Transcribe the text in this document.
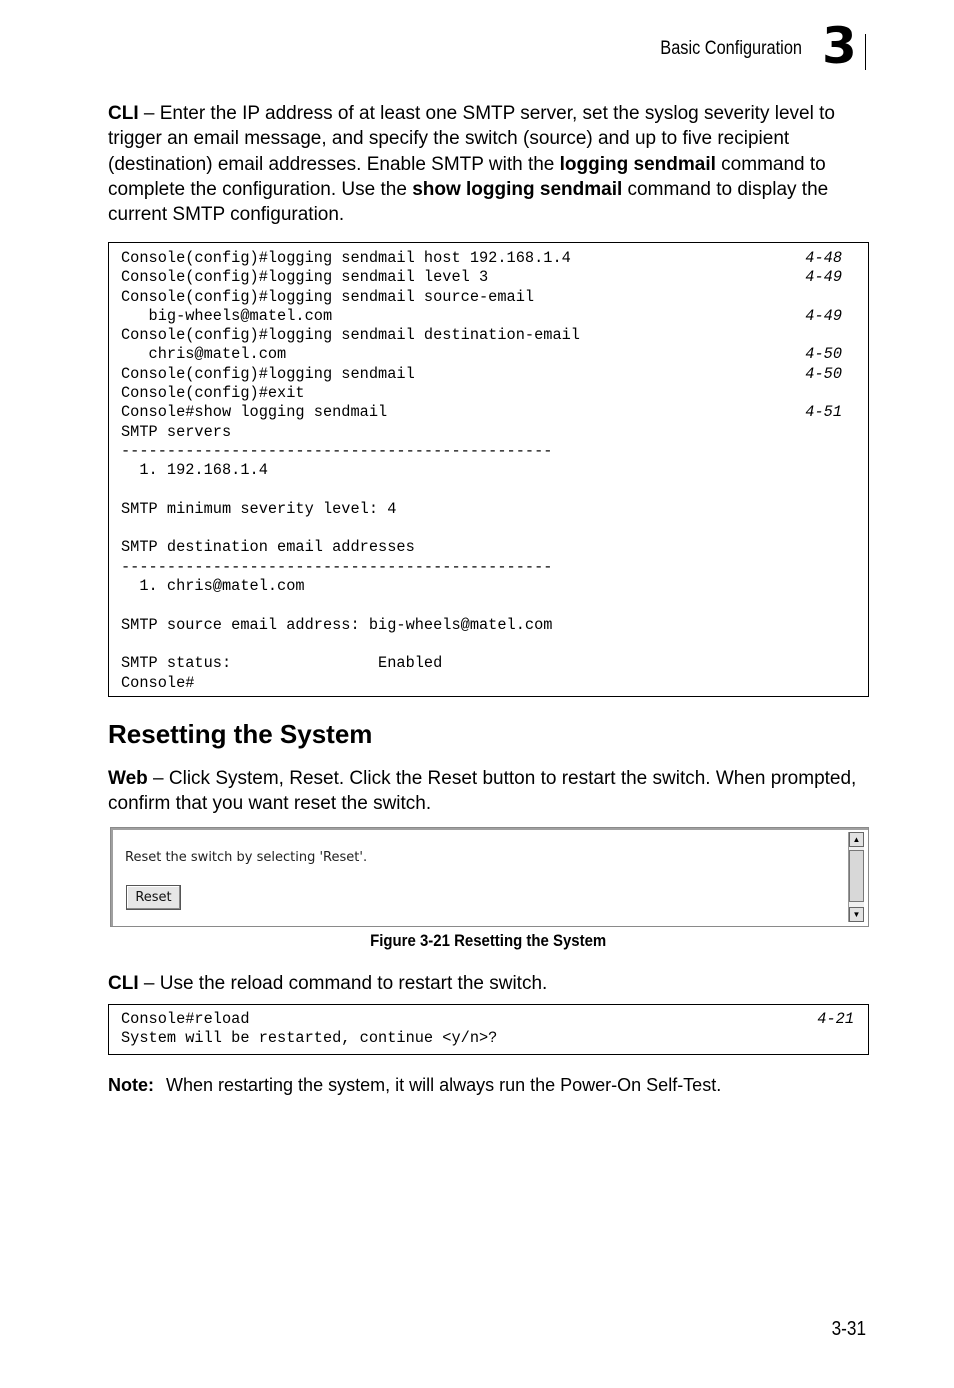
Basic Configuration 3

CLI – Enter the IP address of at least one SMTP server, set the syslog severity level to trigger an email message, and specify the switch (source) and up to five recipient (destination) email addresses. Enable SMTP with the logging sendmail command to complete the configuration. Use the show logging sendmail command to display the current SMTP configuration.

Console(config)#logging sendmail host 192.168.1.4	4-48
Console(config)#logging sendmail level 3	4-49
Console(config)#logging sendmail source-email
big-wheels@matel.com	4-49
Console(config)#logging sendmail destination-email
chris@matel.com	4-50
Console(config)#logging sendmail	4-50
Console(config)#exit
Console#show logging sendmail	4-51
SMTP servers
-----------------------------------------------
1. 192.168.1.4
SMTP minimum severity level: 4
SMTP destination email addresses
-----------------------------------------------
1. chris@matel.com
SMTP source email address: big-wheels@matel.com
SMTP status:                Enabled
Console#
Resetting the System

Web – Click System, Reset. Click the Reset button to restart the switch. When prompted, confirm that you want reset the switch.

Reset the switch by selecting 'Reset'.
Reset
▲
▼
Figure 3-21 Resetting the System

CLI – Use the reload command to restart the switch.

Console#reload	4-21
System will be restarted, continue <y/n>?
Note: When restarting the system, it will always run the Power-On Self-Test.
3-31
